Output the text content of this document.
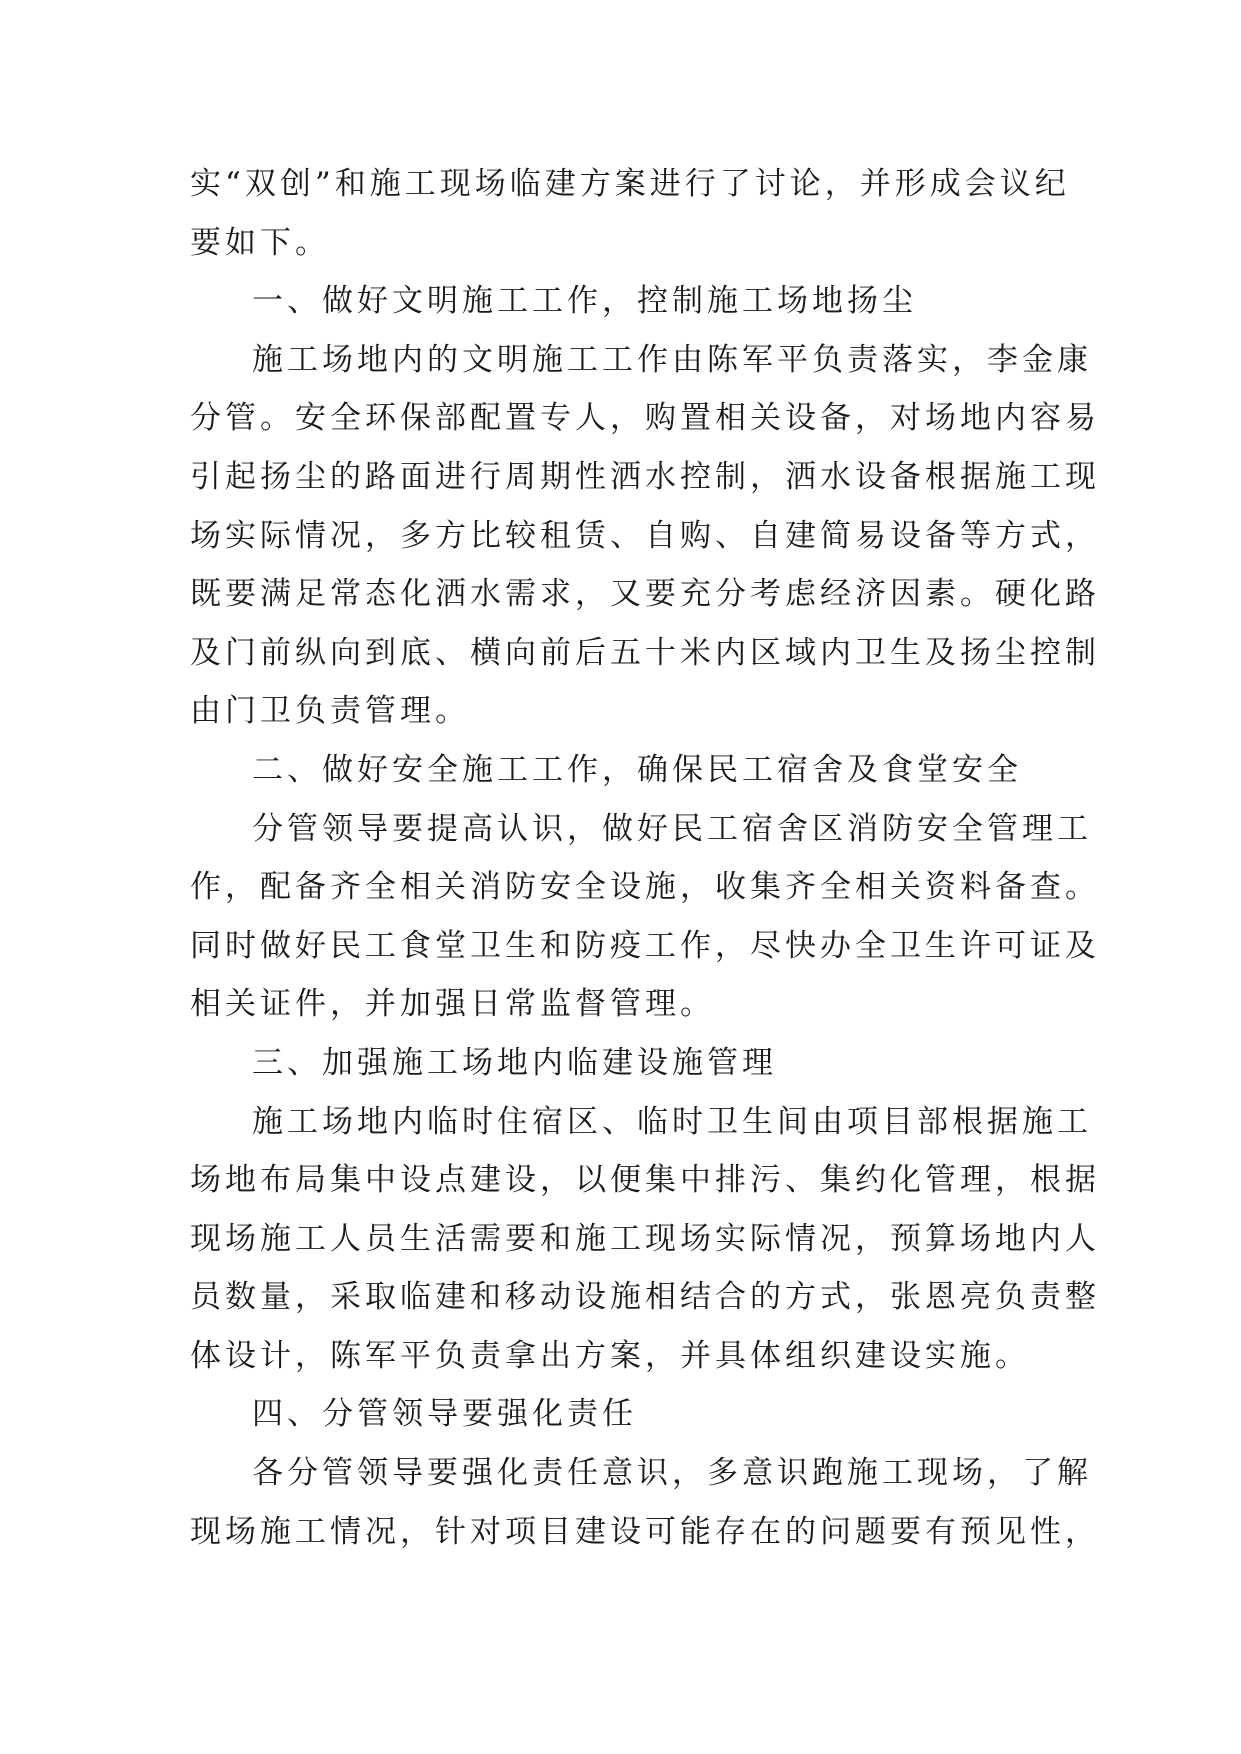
实“双创”和施工现场临建方案进行了讨论，并形成会议纪
要如下。
一、做好文明施工工作，控制施工场地扬尘
施工场地内的文明施工工作由陈军平负责落实，李金康
分管。安全环保部配置专人，购置相关设备，对场地内容易
引起扬尘的路面进行周期性洒水控制，洒水设备根据施工现
场实际情况，多方比较租赁、自购、自建简易设备等方式，
既要满足常态化洒水需求，又要充分考虑经济因素。硬化路
及门前纵向到底、横向前后五十米内区域内卫生及扬尘控制
由门卫负责管理。
二、做好安全施工工作，确保民工宿舍及食堂安全
分管领导要提高认识，做好民工宿舍区消防安全管理工
作，配备齐全相关消防安全设施，收集齐全相关资料备查。
同时做好民工食堂卫生和防疫工作，尽快办全卫生许可证及
相关证件，并加强日常监督管理。
三、加强施工场地内临建设施管理
施工场地内临时住宿区、临时卫生间由项目部根据施工
场地布局集中设点建设，以便集中排污、集约化管理，根据
现场施工人员生活需要和施工现场实际情况，预算场地内人
员数量，采取临建和移动设施相结合的方式，张恩亮负责整
体设计，陈军平负责拿出方案，并具体组织建设实施。
四、分管领导要强化责任
各分管领导要强化责任意识，多意识跑施工现场，了解
现场施工情况，针对项目建设可能存在的问题要有预见性，
